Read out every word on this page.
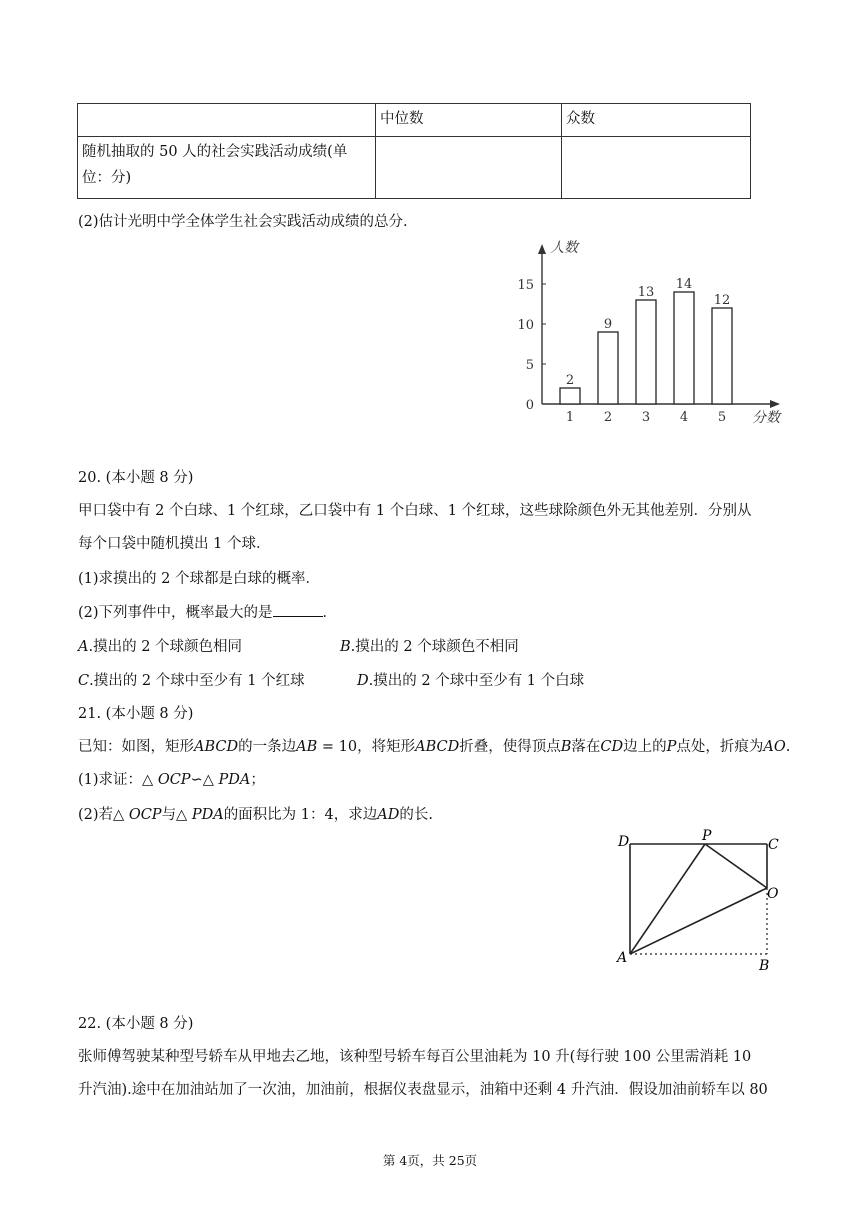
	中位数	众数

随机抽取的 50 人的社会实践活动成绩(单
位：分)		

(2)估计光明中学全体学生社会实践活动成绩的总分.
0
5
10
15
2
1
9
2
13
3
14
4
12
5
人数
分数
20. (本小题 8 分)
甲口袋中有 2 个白球、1 个红球，乙口袋中有 1 个白球、1 个红球，这些球除颜色外无其他差别．分别从
每个口袋中随机摸出 1 个球．
(1)求摸出的 2 个球都是白球的概率．
(2)下列事件中，概率最大的是	．
A.摸出的 2 个球颜色相同	B.摸出的 2 个球颜色不相同
C.摸出的 2 个球中至少有 1 个红球	D.摸出的 2 个球中至少有 1 个白球
21. (本小题 8 分)
已知：如图，矩形ABCD的一条边AB = 10，将矩形ABCD折叠，使得顶点B落在CD边上的P点处，折痕为AO.
(1)求证：△ OCP∽△ PDA；
(2)若△ OCP与△ PDA的面积比为 1：4，求边AD的长.
D	P
C
O
A	B
22. (本小题 8 分)
张师傅驾驶某种型号轿车从甲地去乙地，该种型号轿车每百公里油耗为 10 升(每行驶 100 公里需消耗 10
升汽油).途中在加油站加了一次油，加油前，根据仪表盘显示，油箱中还剩 4 升汽油．假设加油前轿车以 80
第 4页，共 25页
